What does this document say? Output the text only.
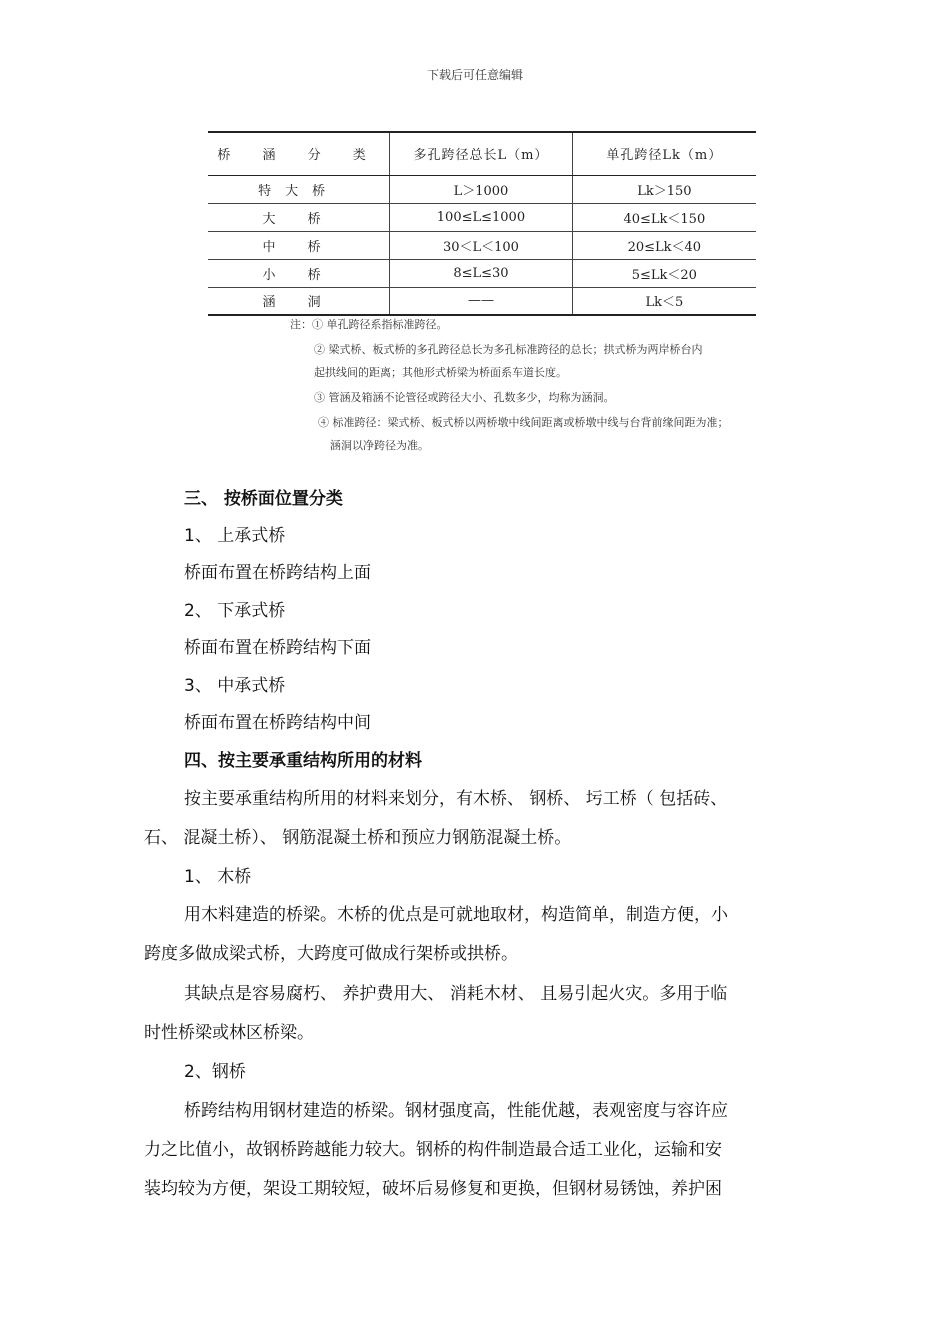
下载后可任意编辑
桥 涵 分 类	多孔跨径总长L（m）	单孔跨径Lk（m）
特大桥	L＞1000	Lk＞150
大 桥	100≤L≤1000	40≤Lk＜150
中 桥	30＜L＜100	20≤Lk＜40
小 桥	8≤L≤30	5≤Lk＜20
涵 洞	——	Lk＜5
注：① 单孔跨径系指标准跨径。
② 梁式桥、板式桥的多孔跨径总长为多孔标准跨径的总长；拱式桥为两岸桥台内
起拱线间的距离；其他形式桥梁为桥面系车道长度。
③ 管涵及箱涵不论管径或跨径大小、孔数多少，均称为涵洞。
④ 标准跨径：梁式桥、板式桥以两桥墩中线间距离或桥墩中线与台背前缘间距为准；
涵洞以净跨径为准。
三、 按桥面位置分类
1、 上承式桥
桥面布置在桥跨结构上面
2、 下承式桥
桥面布置在桥跨结构下面
3、 中承式桥
桥面布置在桥跨结构中间
四、按主要承重结构所用的材料
按主要承重结构所用的材料来划分，有木桥、 钢桥、 圬工桥（ 包括砖、
石、 混凝土桥）、 钢筋混凝土桥和预应力钢筋混凝土桥。
1、 木桥
用木料建造的桥梁。木桥的优点是可就地取材，构造简单，制造方便，小
跨度多做成梁式桥，大跨度可做成行架桥或拱桥。
其缺点是容易腐朽、 养护费用大、 消耗木材、 且易引起火灾。多用于临
时性桥梁或林区桥梁。
2、钢桥
桥跨结构用钢材建造的桥梁。钢材强度高，性能优越，表观密度与容许应
力之比值小，故钢桥跨越能力较大。钢桥的构件制造最合适工业化，运输和安
装均较为方便，架设工期较短，破坏后易修复和更换，但钢材易锈蚀，养护困
